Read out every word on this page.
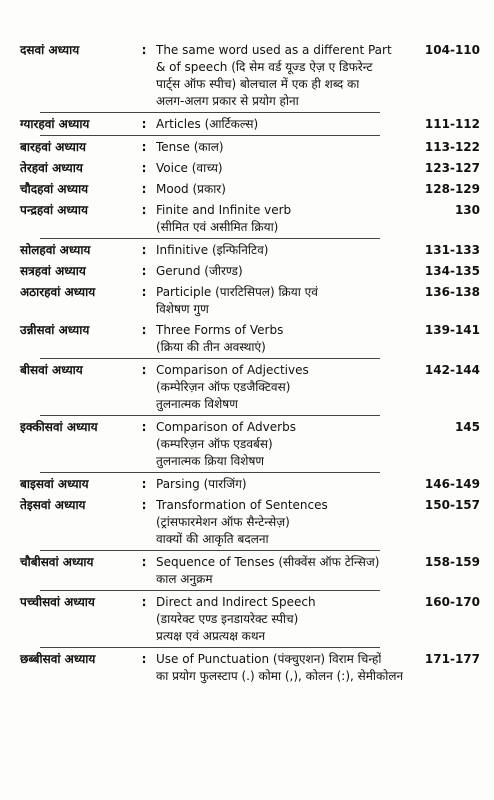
दसवां अध्याय	: The same word used as a different Part	104-110
& of speech (दि सेम वर्ड यूज्ड ऐज़ ए डिफरेन्ट
पार्ट्स ऑफ स्पीच) बोलचाल में एक ही शब्द का
अलग-अलग प्रकार से प्रयोग होना
ग्यारहवां अध्याय	: Articles (आर्टिकल्स)	111-112
बारहवां अध्याय	: Tense (काल)	113-122
तेरहवां अध्याय	: Voice (वाच्य)	123-127
चौदहवां अध्याय	: Mood (प्रकार)	128-129
पन्द्रहवां अध्याय	: Finite and Infinite verb	130
(सीमित एवं असीमित क्रिया)
सोलहवां अध्याय	: Infinitive (इन्फिनिटिव)	131-133
सत्रहवां अध्याय	: Gerund (जीरण्ड)	134-135
अठारहवां अध्याय	: Participle (पारटिसिपल) क्रिया एवं	136-138
विशेषण गुण
उन्नीसवां अध्याय	: Three Forms of Verbs	139-141
(क्रिया की तीन अवस्थाएं)
बीसवां अध्याय	: Comparison of Adjectives	142-144
(कम्पेरिज़न ऑफ एडजैक्टिवस)
तुलनात्मक विशेषण
इक्कीसवां अध्याय	: Comparison of Adverbs	145
(कम्परिज़न ऑफ एडवर्बस)
तुलनात्मक क्रिया विशेषण
बाइसवां अध्याय	: Parsing (पारजिंग)	146-149
तेइसवां अध्याय	: Transformation of Sentences	150-157
(ट्रांसफारमेशन ऑफ सैन्टेन्सेज़)
वाक्यों की आकृति बदलना
चौबीसवां अध्याय	: Sequence of Tenses (सीक्वेंस ऑफ टेन्सिज)	158-159
काल अनुक्रम
पच्चीसवां अध्याय	: Direct and Indirect Speech	160-170
(डायरेक्ट एण्ड इनडायरेक्ट स्पीच)
प्रत्यक्ष एवं अप्रत्यक्ष कथन
छब्बीसवां अध्याय	: Use of Punctuation (पंक्चुएशन) विराम चिन्हों	171-177
का प्रयोग फुलस्टाप (.) कोमा (,), कोलन (:), सेमीकोलन
